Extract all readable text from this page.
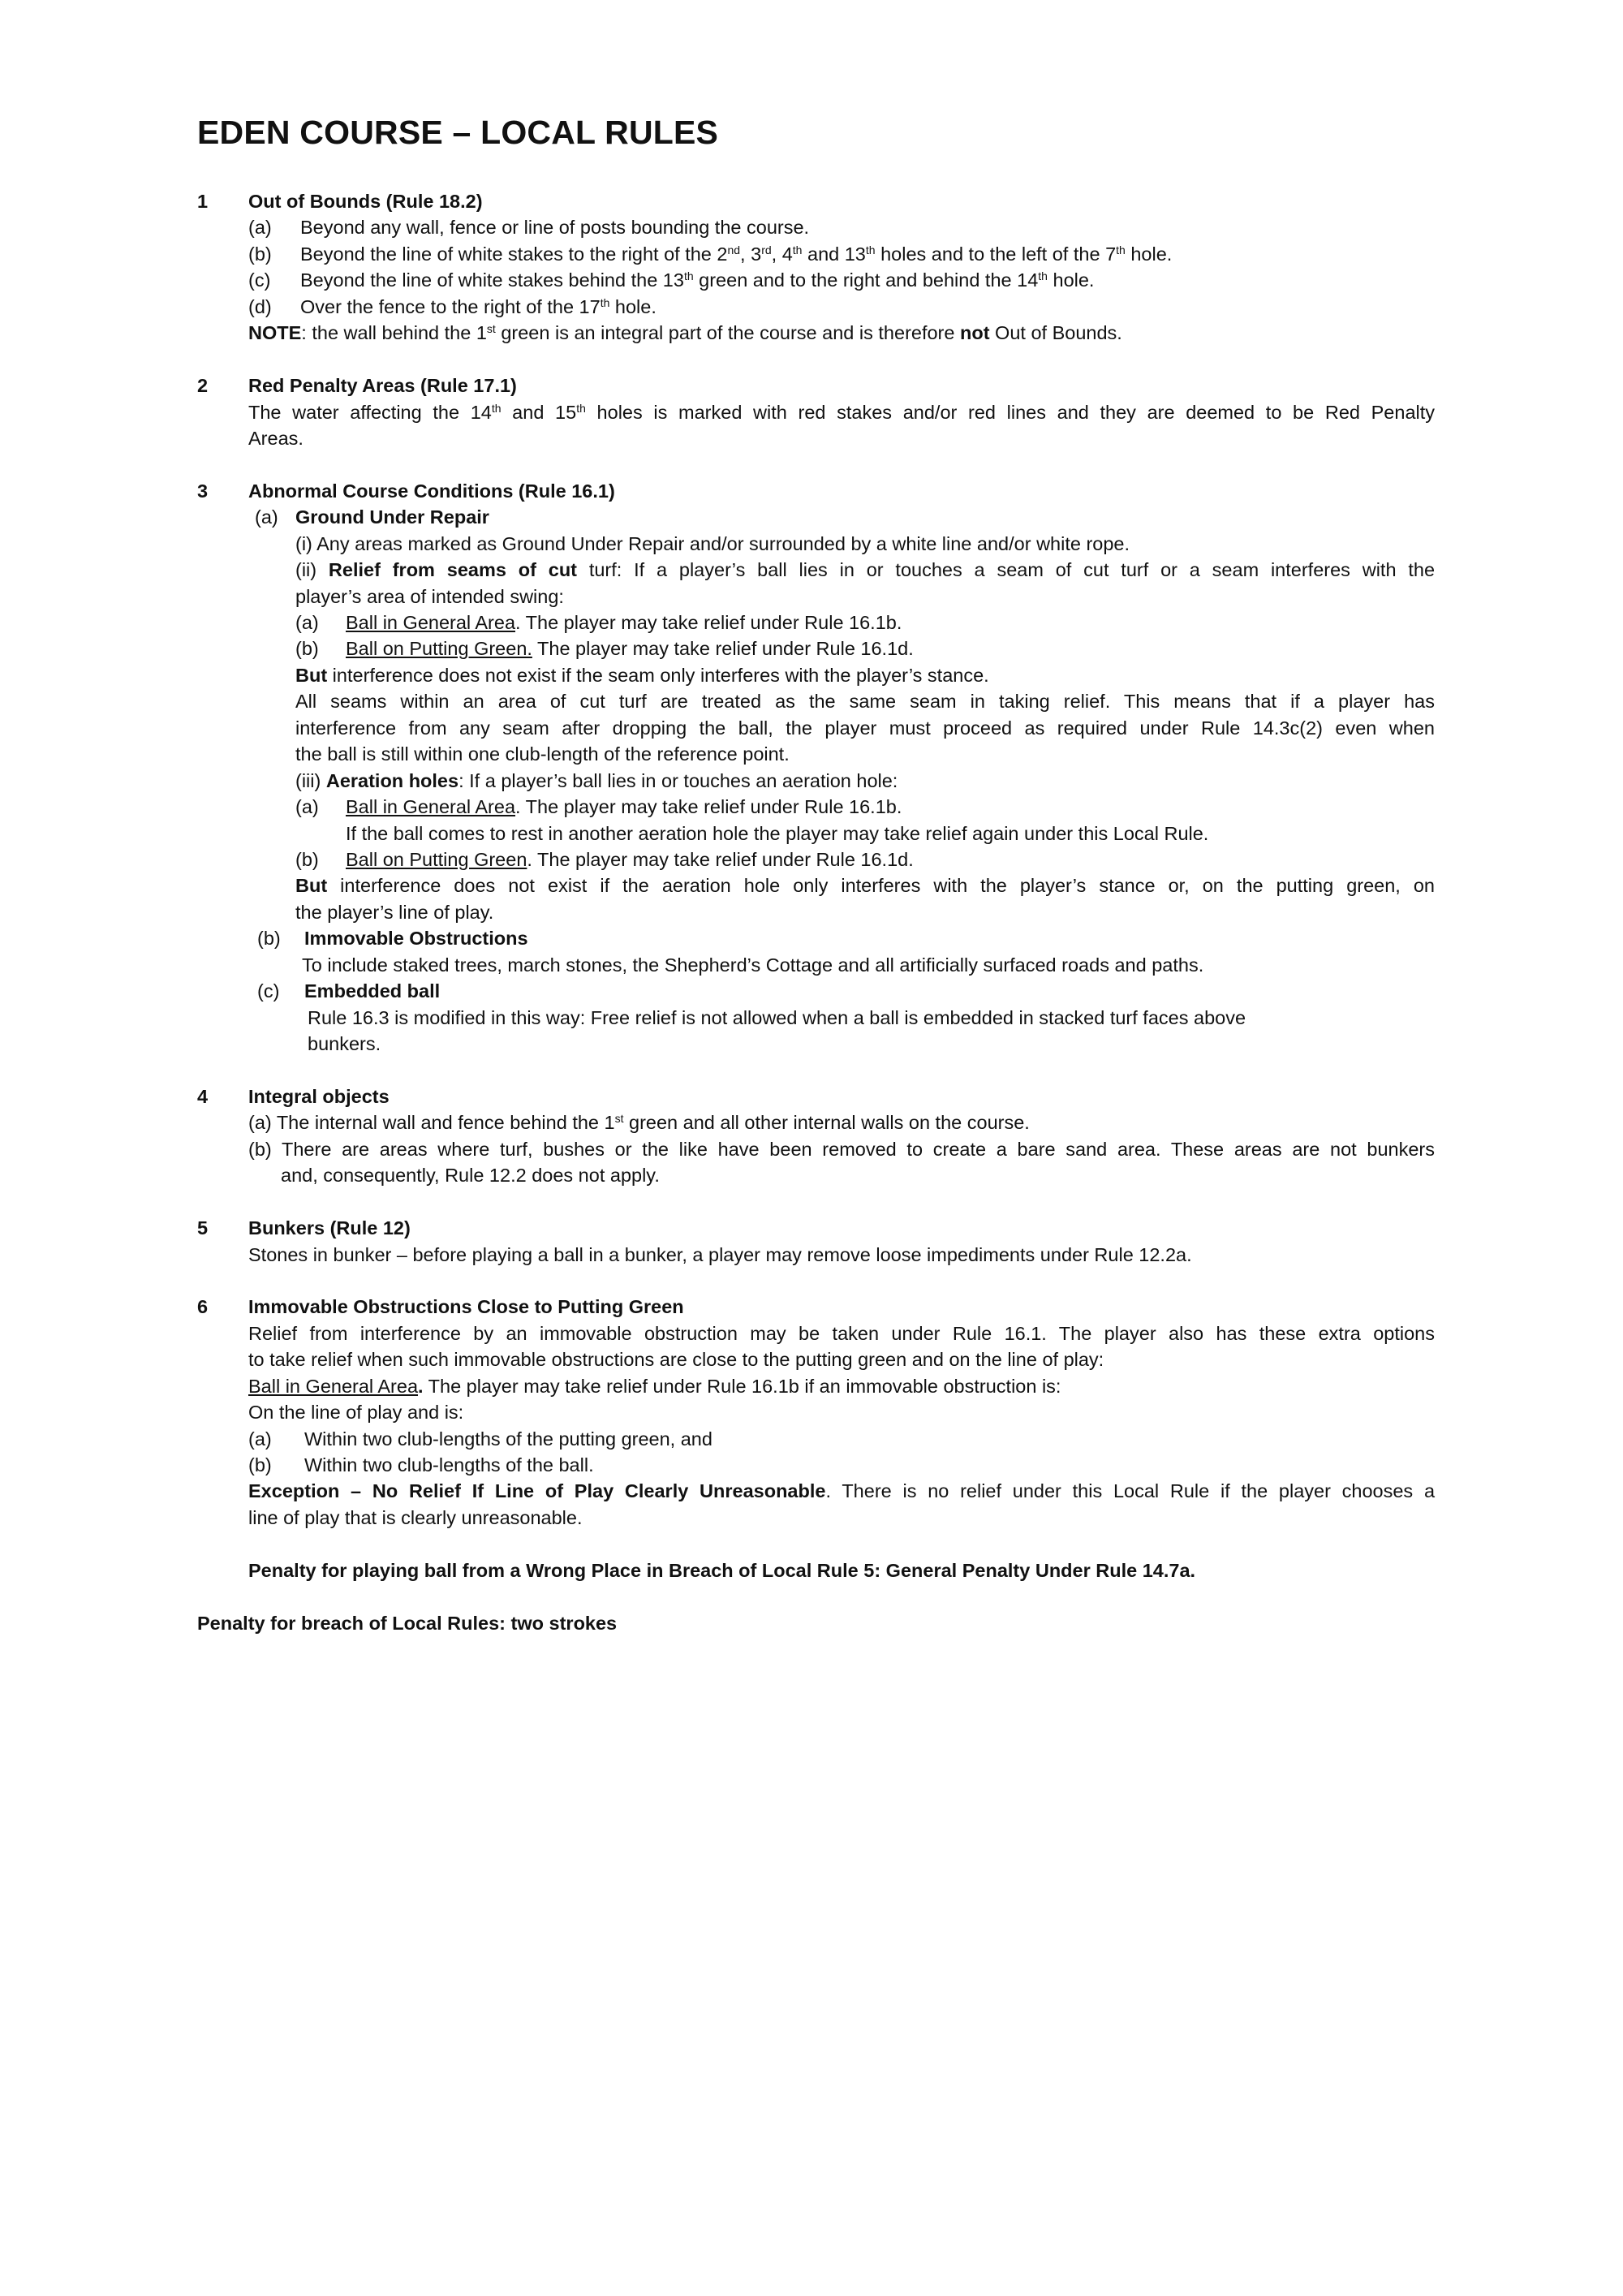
EDEN COURSE – LOCAL RULES
1 Out of Bounds (Rule 18.2)
(a) Beyond any wall, fence or line of posts bounding the course.
(b) Beyond the line of white stakes to the right of the 2nd, 3rd, 4th and 13th holes and to the left of the 7th hole.
(c) Beyond the line of white stakes behind the 13th green and to the right and behind the 14th hole.
(d) Over the fence to the right of the 17th hole.
NOTE: the wall behind the 1st green is an integral part of the course and is therefore not Out of Bounds.
2 Red Penalty Areas (Rule 17.1)
The water affecting the 14th and 15th holes is marked with red stakes and/or red lines and they are deemed to be Red Penalty
Areas.
3 Abnormal Course Conditions (Rule 16.1)
(a) Ground Under Repair
(i) Any areas marked as Ground Under Repair and/or surrounded by a white line and/or white rope.
(ii) Relief from seams of cut turf: If a player’s ball lies in or touches a seam of cut turf or a seam interferes with the
player’s area of intended swing:
(a) Ball in General Area. The player may take relief under Rule 16.1b.
(b) Ball on Putting Green. The player may take relief under Rule 16.1d.
But interference does not exist if the seam only interferes with the player’s stance.
All seams within an area of cut turf are treated as the same seam in taking relief. This means that if a player has
interference from any seam after dropping the ball, the player must proceed as required under Rule 14.3c(2) even when
the ball is still within one club-length of the reference point.
(iii) Aeration holes: If a player’s ball lies in or touches an aeration hole:
(a) Ball in General Area. The player may take relief under Rule 16.1b.
If the ball comes to rest in another aeration hole the player may take relief again under this Local Rule.
(b) Ball on Putting Green. The player may take relief under Rule 16.1d.
But interference does not exist if the aeration hole only interferes with the player’s stance or, on the putting green, on
the player’s line of play.
(b) Immovable Obstructions
To include staked trees, march stones, the Shepherd’s Cottage and all artificially surfaced roads and paths.
(c) Embedded ball
Rule 16.3 is modified in this way: Free relief is not allowed when a ball is embedded in stacked turf faces above
bunkers.
4 Integral objects
(a) The internal wall and fence behind the 1st green and all other internal walls on the course.
(b) There are areas where turf, bushes or the like have been removed to create a bare sand area. These areas are not bunkers
and, consequently, Rule 12.2 does not apply.
5 Bunkers (Rule 12)
Stones in bunker – before playing a ball in a bunker, a player may remove loose impediments under Rule 12.2a.
6 Immovable Obstructions Close to Putting Green
Relief from interference by an immovable obstruction may be taken under Rule 16.1. The player also has these extra options
to take relief when such immovable obstructions are close to the putting green and on the line of play:
Ball in General Area. The player may take relief under Rule 16.1b if an immovable obstruction is:
On the line of play and is:
(a) Within two club-lengths of the putting green, and
(b) Within two club-lengths of the ball.
Exception – No Relief If Line of Play Clearly Unreasonable. There is no relief under this Local Rule if the player chooses a
line of play that is clearly unreasonable.
Penalty for playing ball from a Wrong Place in Breach of Local Rule 5: General Penalty Under Rule 14.7a.
Penalty for breach of Local Rules: two strokes
